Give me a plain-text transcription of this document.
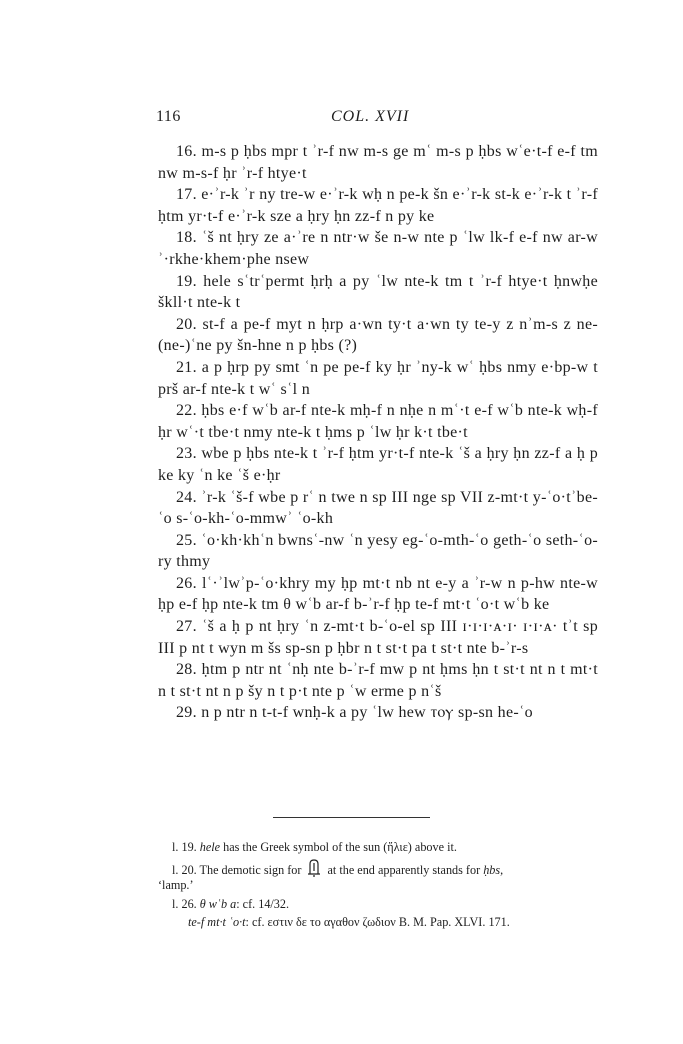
116	COL. XVII

16. m-s p ḥbs mpr t ʾr-f nw m-s ge mʿ m-s p ḥbs wʿe·t-f e-f tm nw m-s-f ḥr ʾr-f htye·t

17. e·ʾr-k ʾr ny tre-w e·ʾr-k wḥ n pe-k šn e·ʾr-k st-k e·ʾr-k t ʾr-f ḥtm yr·t-f e·ʾr-k sze a ḥry ḥn zz-f n py ke

18. ʿš nt ḥry ze a·ʾre n ntr·w še n-w nte p ʿlw lk-f e-f nw ar-w ʾ·rkhe·khem·phe nsew

19. hele sʿtrʿpermt ḥrḥ a py ʿlw nte-k tm t ʾr-f htye·t ḥnwḥe škll·t nte-k t

20. st-f a pe-f myt n ḥrp a·wn ty·t a·wn ty te-y z nʾm-s z ne-(ne-)ʿne py šn-hne n p ḥbs (?)

21. a p ḥrp py smt ʿn pe pe-f ky ḥr ʾny-k wʿ ḥbs nmy e·bp-w t prš ar-f nte-k t wʿ sʿl n

22. ḥbs e·f wʿb ar-f nte-k mḥ-f n nḥe n mʿ·t e-f wʿb nte-k wḥ-f ḥr wʿ·t tbe·t nmy nte-k t ḥms p ʿlw ḥr k·t tbe·t

23. wbe p ḥbs nte-k t ʾr-f ḥtm yr·t-f nte-k ʿš a ḥry ḥn zz-f a ḥ p ke ky ʿn ke ʿš e·ḥr

24. ʾr-k ʿš-f wbe p rʿ n twe n sp III nge sp VII z-mt·t y-ʿo·tʾbe-ʿo s-ʿo-kh-ʿo-mmwʾ ʿo-kh

25. ʿo·kh·khʿn bwnsʿ-nw ʿn yesy eg-ʿo-mth-ʿo geth-ʿo seth-ʿo-ry thmy

26. lʿ·ʾlwʾp-ʿo·khry my ḥp mt·t nb nt e-y a ʾr-w n p-hw nte-w ḥp e-f ḥp nte-k tm θ wʿb ar-f b-ʾr-f ḥp te-f mt·t ʿo·t wʿb ke

27. ʿš a ḥ p nt ḥry ʿn z-mt·t b-ʿo-el sp III ɪ·ɪ·ɪ·ᴀ·ɪ· ɪ·ɪ·ᴀ· tʾt sp III p nt t wyn m šs sp-sn p ḥbr n t st·t pa t st·t nte b-ʾr-s

28. ḥtm p ntr nt ʿnḥ nte b-ʾr-f mw p nt ḥms ḥn t st·t nt n t mt·t n t st·t nt n p šy n t p·t nte p ʿw erme p nʿš

29. n p ntr n t-t-f wnḥ-k a py ʿlw hew ⲧⲟⲩ sp-sn he-ʿo

l. 19. hele has the Greek symbol of the sun (ἥλιε) above it.

l. 20. The demotic sign for  at the end apparently stands for ḥbs,
‘lamp.’

l. 26. θ wʿb a: cf. 14/32.

te-f mt·t ʿo·t: cf. εστιν δε το αγαθον ζωδιον B. M. Pap. XLVI. 171.
